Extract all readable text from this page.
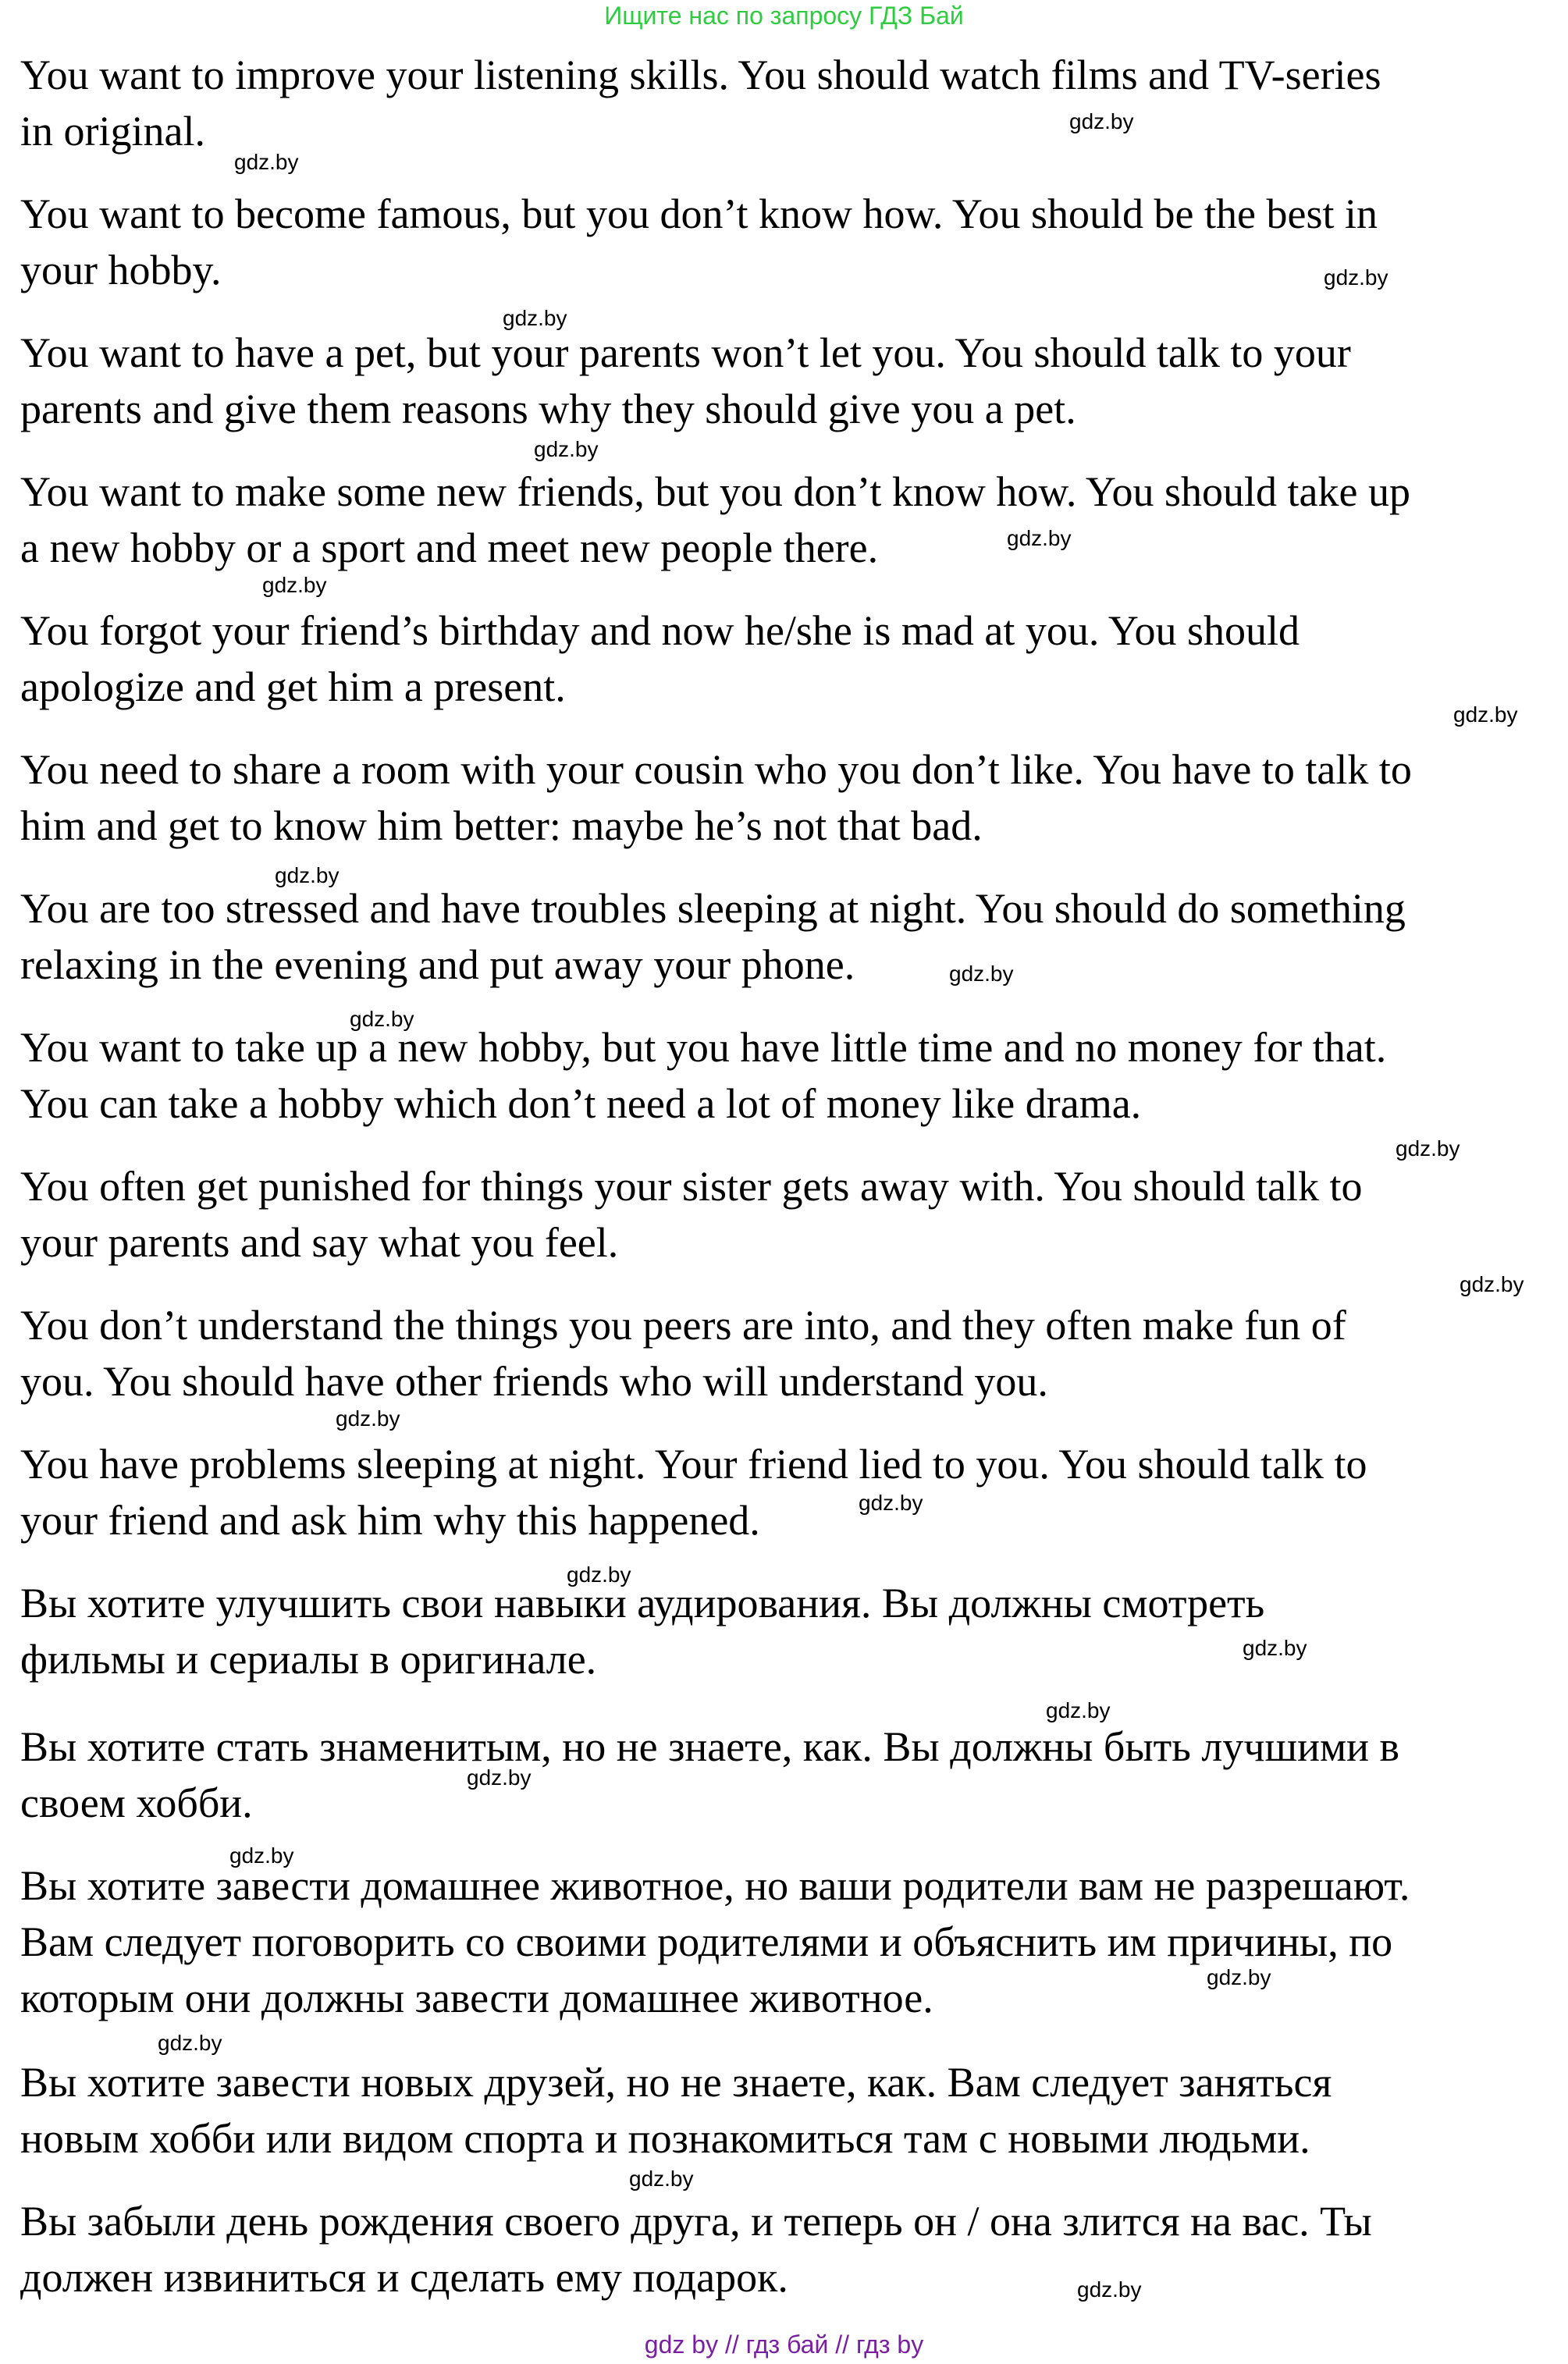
Ищите нас по запросу ГДЗ Бай

You want to improve your listening skills. You should watch films and TV-series
in original.

You want to become famous, but you don’t know how. You should be the best in
your hobby.

You want to have a pet, but your parents won’t let you. You should talk to your
parents and give them reasons why they should give you a pet.

You want to make some new friends, but you don’t know how. You should take up
a new hobby or a sport and meet new people there.

You forgot your friend’s birthday and now he/she is mad at you. You should
apologize and get him a present.

You need to share a room with your cousin who you don’t like. You have to talk to
him and get to know him better: maybe he’s not that bad.

You are too stressed and have troubles sleeping at night. You should do something
relaxing in the evening and put away your phone.

You want to take up a new hobby, but you have little time and no money for that.
You can take a hobby which don’t need a lot of money like drama.

You often get punished for things your sister gets away with. You should talk to
your parents and say what you feel.

You don’t understand the things you peers are into, and they often make fun of
you. You should have other friends who will understand you.

You have problems sleeping at night. Your friend lied to you. You should talk to
your friend and ask him why this happened.

Вы хотите улучшить свои навыки аудирования. Вы должны смотреть
фильмы и сериалы в оригинале.

Вы хотите стать знаменитым, но не знаете, как. Вы должны быть лучшими в
своем хобби.

Вы хотите завести домашнее животное, но ваши родители вам не разрешают.
Вам следует поговорить со своими родителями и объяснить им причины, по
которым они должны завести домашнее животное.

Вы хотите завести новых друзей, но не знаете, как. Вам следует заняться
новым хобби или видом спорта и познакомиться там с новыми людьми.

Вы забыли день рождения своего друга, и теперь он / она злится на вас. Ты
должен извиниться и сделать ему подарок.

gdz.by
gdz.by
gdz.by
gdz.by
gdz.by
gdz.by
gdz.by
gdz.by
gdz.by
gdz.by
gdz.by
gdz.by
gdz.by
gdz.by
gdz.by
gdz.by
gdz.by
gdz.by
gdz.by
gdz.by
gdz.by
gdz.by
gdz.by
gdz.by
gdz by // гдз бай // гдз by
